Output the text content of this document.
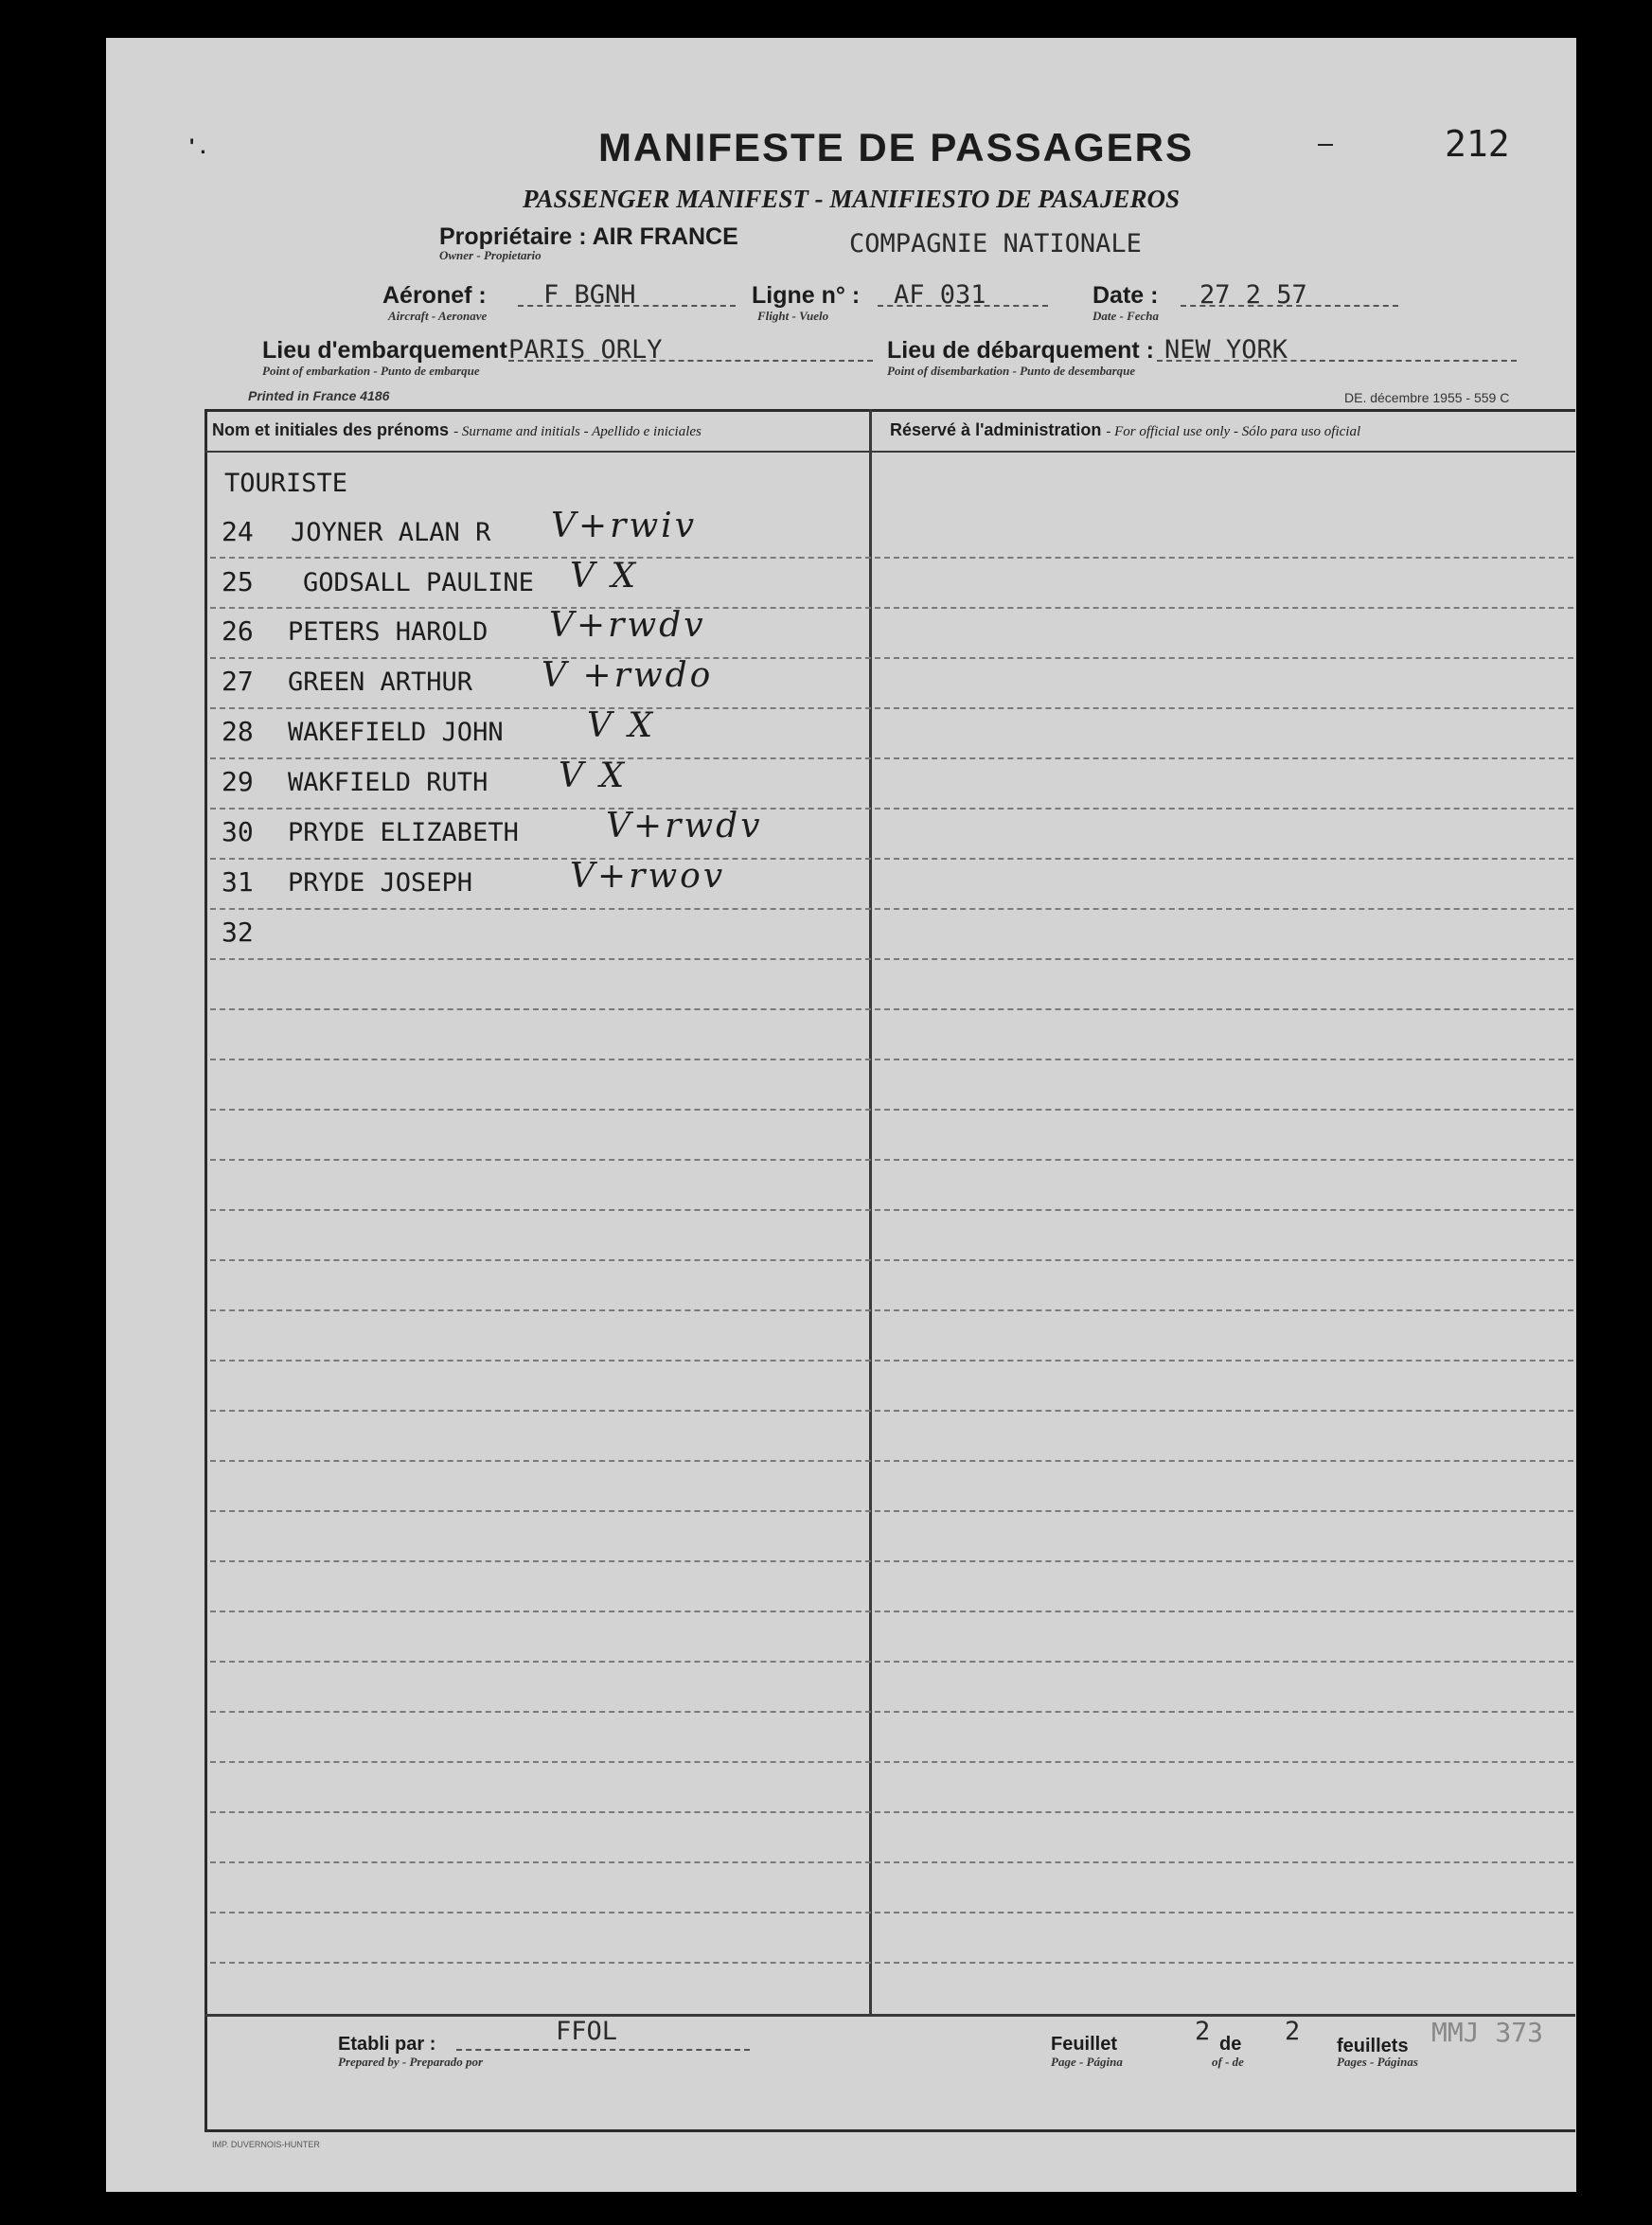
' .	MANIFESTE DE PASSAGERS	212
PASSENGER MANIFEST - MANIFIESTO DE PASAJEROS
Propriétaire : AIR FRANCE
Owner - Propietario	COMPAGNIE NATIONALE
Aéronef :
Aircraft - Aeronave
F BGNH	Ligne n° :
Flight - Vuelo
AF 031	Date :
Date - Fecha
27 2 57
Lieu d'embarquement
Point of embarkation - Punto de embarque
PARIS ORLY	Lieu de débarquement :
Point of disembarkation - Punto de desembarque
NEW YORK
Printed in France 4186	DE. décembre 1955 - 559 C
Nom et initiales des prénoms - Surname and initials - Apellido e iniciales	Réservé à l'administration - For official use only - Sólo para uso oficial
TOURISTE
24 JOYNER ALAN R V+rwiv
25 GODSALL PAULINE V X
26 PETERS HAROLD V+rwdv
27 GREEN ARTHUR V +rwdo
28 WAKEFIELD JOHN V X
29 WAKFIELD RUTH V X
30 PRYDE ELIZABETH	V+rwdv
31 PRYDE JOSEPH	V+rwov
32
Etabli par :
Prepared by - Preparado por
FFOL	Feuillet
Page - Página
2 de
of - de
2 feuillets
Pages - Páginas
MMJ 373
IMP. DUVERNOIS-HUNTER
